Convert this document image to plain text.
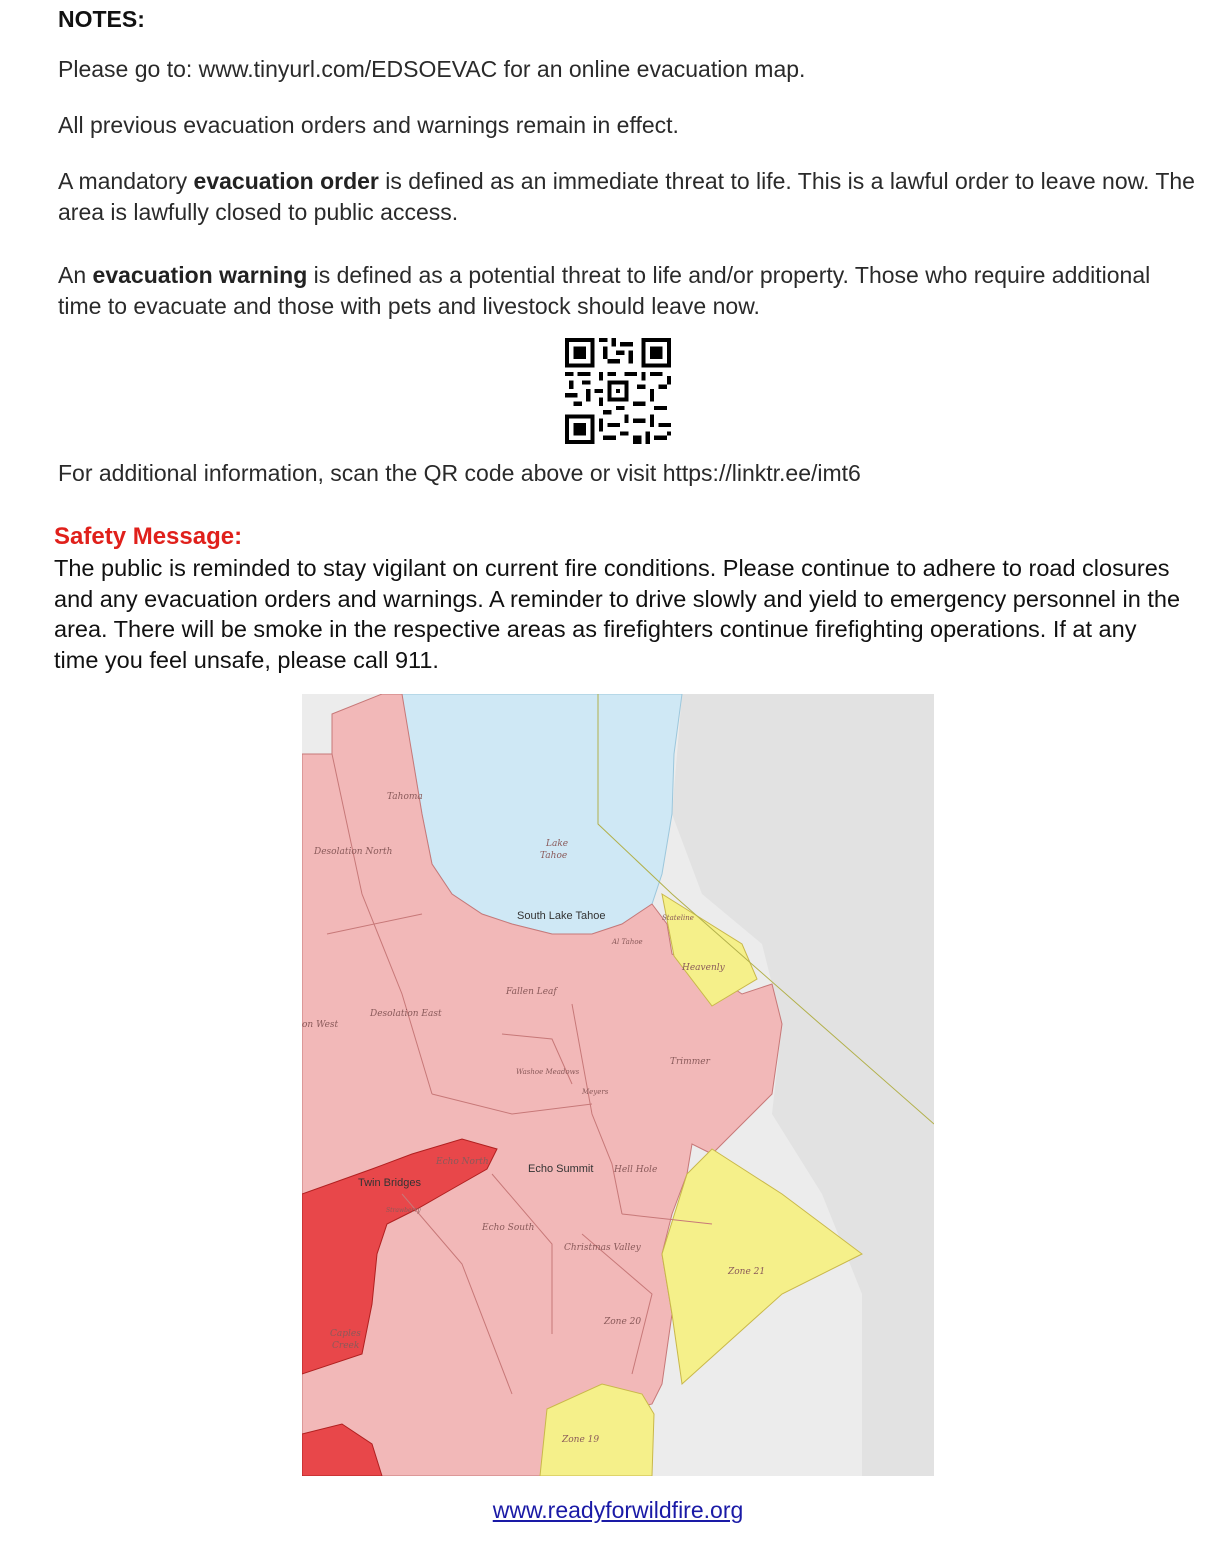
NOTES:
Please go to: www.tinyurl.com/EDSOEVAC for an online evacuation map.
All previous evacuation orders and warnings remain in effect.
A mandatory evacuation order is defined as an immediate threat to life. This is a lawful order to leave now. The area is lawfully closed to public access.
An evacuation warning is defined as a potential threat to life and/or property. Those who require additional time to evacuate and those with pets and livestock should leave now.
For additional information, scan the QR code above or visit https://linktr.ee/imt6
Safety Message:
The public is reminded to stay vigilant on current fire conditions. Please continue to adhere to road closures and any evacuation orders and warnings. A reminder to drive slowly and yield to emergency personnel in the area. There will be smoke in the respective areas as firefighters continue firefighting operations. If at any time you feel unsafe, please call 911.
Lake
Tahoe
South Lake Tahoe
Tahoma
Desolation North
Desolation East
on West
Fallen Leaf
Heavenly
Trimmer
Washoe Meadows
Meyers
Stateline
Al Tahoe
Echo North
Echo Summit
Twin Bridges
Strawberry
Echo South
Hell Hole
Christmas Valley
Zone 21
Zone 20
Zone 19
Caples
Creek
www.readyforwildfire.org
